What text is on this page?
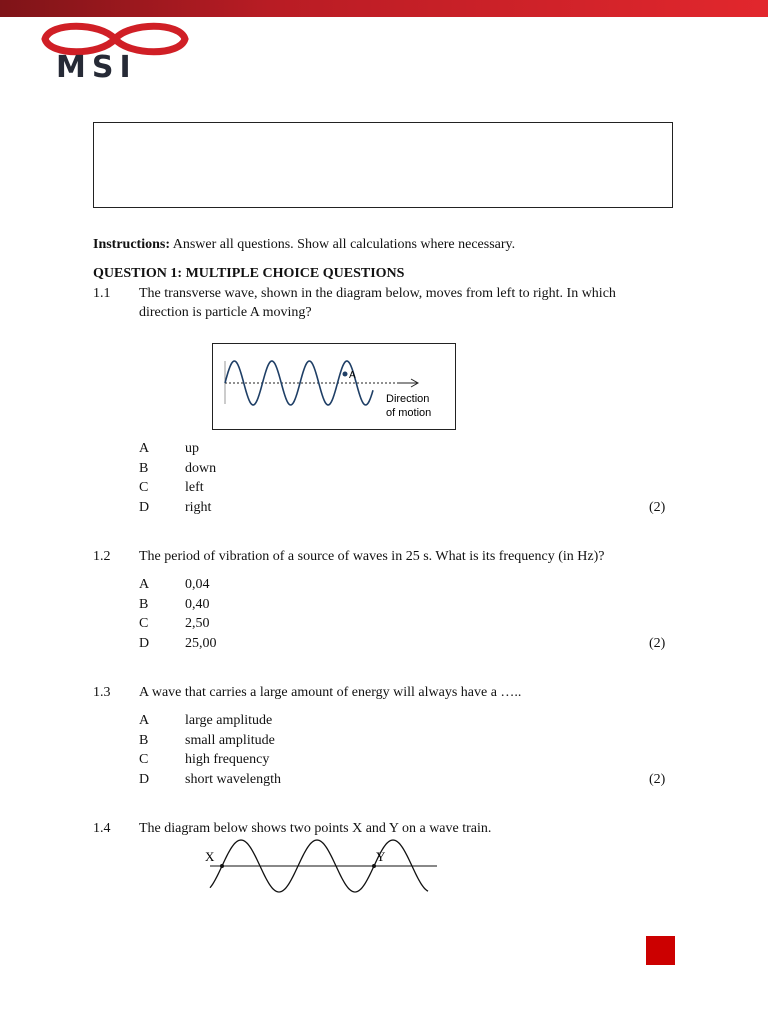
√x
MSI
Instructions: Answer all questions. Show all calculations where necessary.
QUESTION 1: MULTIPLE CHOICE QUESTIONS
1.1 The transverse wave, shown in the diagram below, moves from left to right. In which
direction is particle A moving?
A
Direction
of motion
A	up
B	down
C	left
D	right	(2)
1.2 The period of vibration of a source of waves in 25 s. What is its frequency (in Hz)?
A	0,04
B	0,40
C	2,50
D	25,00	(2)
1.3 A wave that carries a large amount of energy will always have a …..
A	large amplitude
B	small amplitude
C	high frequency
D	short wavelength	(2)
1.4 The diagram below shows two points X and Y on a wave train.
X	Y
